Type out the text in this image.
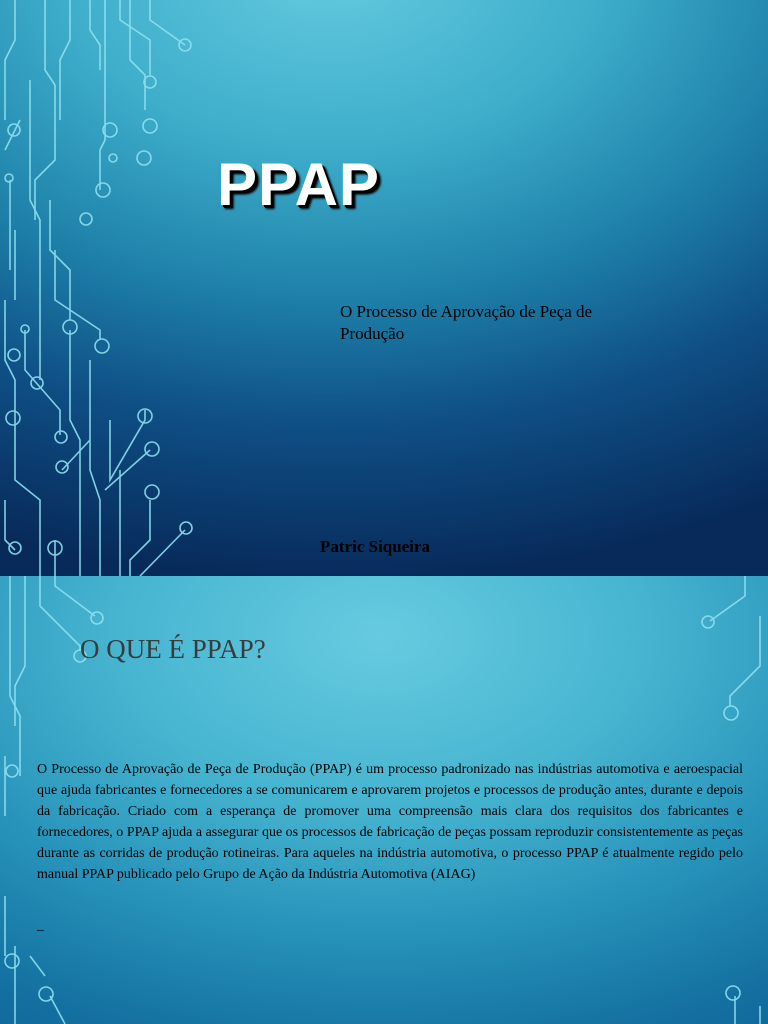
PPAP

O Processo de Aprovação de Peça de Produção

Patric Siqueira

O QUE É PPAP?

O Processo de Aprovação de Peça de Produção (PPAP) é um processo padronizado nas indústrias automotiva e aeroespacial que ajuda fabricantes e fornecedores a se comunicarem e aprovarem projetos e processos de produção antes, durante e depois da fabricação. Criado com a esperança de promover uma compreensão mais clara dos requisitos dos fabricantes e fornecedores, o PPAP ajuda a assegurar que os processos de fabricação de peças possam reproduzir consistentemente as peças durante as corridas de produção rotineiras. Para aqueles na indústria automotiva, o processo PPAP é atualmente regido pelo manual PPAP publicado pelo Grupo de Ação da Indústria Automotiva (AIAG)

_
